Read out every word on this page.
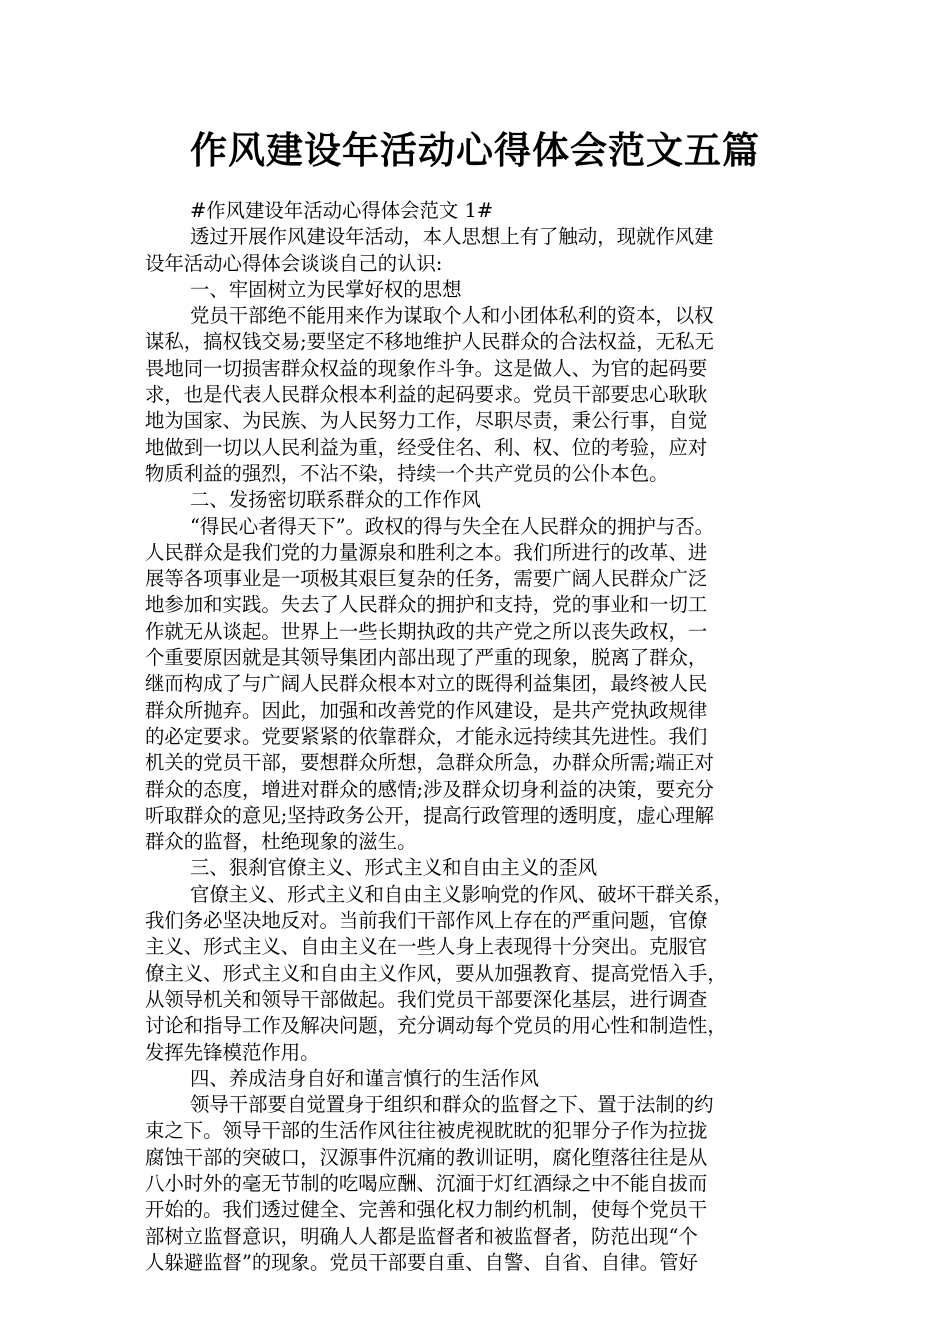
作风建设年活动心得体会范文五篇
#作风建设年活动心得体会范文 1#
透过开展作风建设年活动，本人思想上有了触动，现就作风建
设年活动心得体会谈谈自己的认识:
一、牢固树立为民掌好权的思想
党员干部绝不能用来作为谋取个人和小团体私利的资本，以权
谋私，搞权钱交易;要坚定不移地维护人民群众的合法权益，无私无
畏地同一切损害群众权益的现象作斗争。这是做人、为官的起码要
求，也是代表人民群众根本利益的起码要求。党员干部要忠心耿耿
地为国家、为民族、为人民努力工作，尽职尽责，秉公行事，自觉
地做到一切以人民利益为重，经受住名、利、权、位的考验，应对
物质利益的强烈，不沾不染，持续一个共产党员的公仆本色。
二、发扬密切联系群众的工作作风
“得民心者得天下”。政权的得与失全在人民群众的拥护与否。
人民群众是我们党的力量源泉和胜利之本。我们所进行的改革、进
展等各项事业是一项极其艰巨复杂的任务，需要广阔人民群众广泛
地参加和实践。失去了人民群众的拥护和支持，党的事业和一切工
作就无从谈起。世界上一些长期执政的共产党之所以丧失政权，一
个重要原因就是其领导集团内部出现了严重的现象，脱离了群众，
继而构成了与广阔人民群众根本对立的既得利益集团，最终被人民
群众所抛弃。因此，加强和改善党的作风建设，是共产党执政规律
的必定要求。党要紧紧的依靠群众，才能永远持续其先进性。我们
机关的党员干部，要想群众所想，急群众所急，办群众所需;端正对
群众的态度，增进对群众的感情;涉及群众切身利益的决策，要充分
听取群众的意见;坚持政务公开，提高行政管理的透明度，虚心理解
群众的监督，杜绝现象的滋生。
三、狠刹官僚主义、形式主义和自由主义的歪风
官僚主义、形式主义和自由主义影响党的作风、破坏干群关系，
我们务必坚决地反对。当前我们干部作风上存在的严重问题，官僚
主义、形式主义、自由主义在一些人身上表现得十分突出。克服官
僚主义、形式主义和自由主义作风，要从加强教育、提高党悟入手，
从领导机关和领导干部做起。我们党员干部要深化基层，进行调查
讨论和指导工作及解决问题，充分调动每个党员的用心性和制造性，
发挥先锋模范作用。
四、养成洁身自好和谨言慎行的生活作风
领导干部要自觉置身于组织和群众的监督之下、置于法制的约
束之下。领导干部的生活作风往往被虎视眈眈的犯罪分子作为拉拢
腐蚀干部的突破口，汉源事件沉痛的教训证明，腐化堕落往往是从
八小时外的毫无节制的吃喝应酬、沉湎于灯红酒绿之中不能自拔而
开始的。我们透过健全、完善和强化权力制约机制，使每个党员干
部树立监督意识，明确人人都是监督者和被监督者，防范出现“个
人躲避监督”的现象。党员干部要自重、自警、自省、自律。管好
